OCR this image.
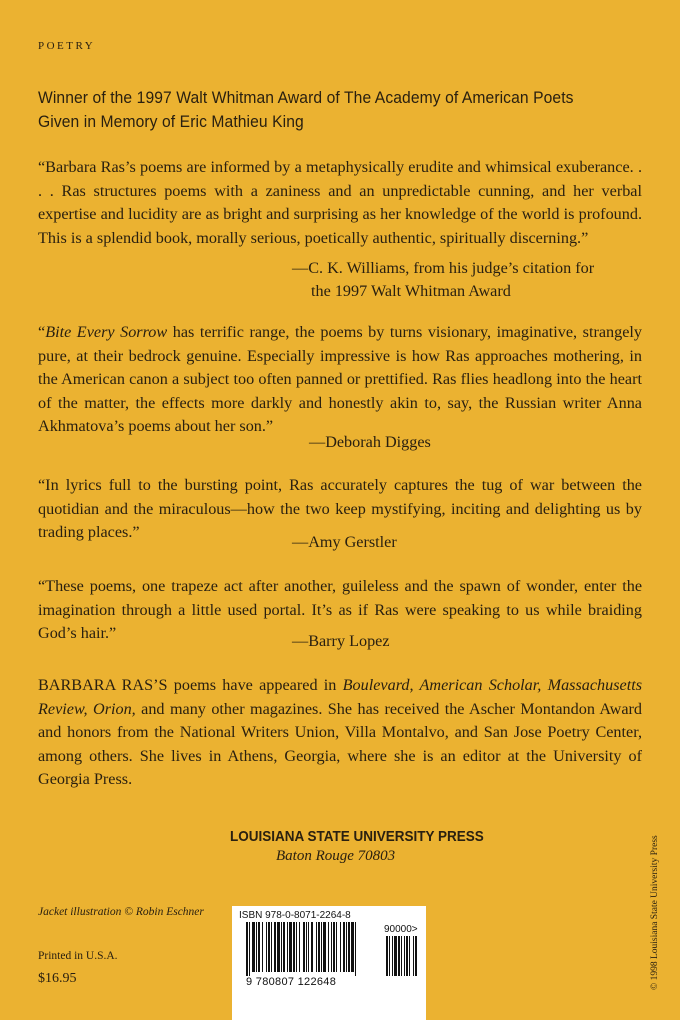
POETRY
Winner of the 1997 Walt Whitman Award of The Academy of American Poets
Given in Memory of Eric Mathieu King

“Barbara Ras’s poems are informed by a metaphysically erudite and whimsical exuberance. . . . Ras structures poems with a zaniness and an unpredictable cunning, and her verbal expertise and lucidity are as bright and surprising as her knowledge of the world is profound. This is a splendid book, morally serious, poetically authentic, spiritually discerning.”

—C. K. Williams, from his judge’s citation for
the 1997 Walt Whitman Award

“Bite Every Sorrow has terrific range, the poems by turns visionary, imaginative, strangely pure, at their bedrock genuine. Especially impressive is how Ras approaches mothering, in the American canon a subject too often panned or prettified. Ras flies headlong into the heart of the matter, the effects more darkly and honestly akin to, say, the Russian writer Anna Akhmatova’s poems about her son.”

—Deborah Digges

“In lyrics full to the bursting point, Ras accurately captures the tug of war between the quotidian and the miraculous—how the two keep mystifying, inciting and delighting us by trading places.”

—Amy Gerstler

“These poems, one trapeze act after another, guileless and the spawn of wonder, enter the imagination through a little used portal. It’s as if Ras were speaking to us while braiding God’s hair.”	—Barry Lopez
BARBARA RAS’S poems have appeared in Boulevard, American Scholar, Massachusetts Review, Orion, and many other magazines. She has received the Ascher Montandon Award and honors from the National Writers Union, Villa Montalvo, and San Jose Poetry Center, among others. She lives in Athens, Georgia, where she is an editor at the University of Georgia Press.
LOUISIANA STATE UNIVERSITY PRESS
Baton Rouge 70803
Jacket illustration © Robin Eschner
Printed in U.S.A.
$16.95
ISBN 978-0-8071-2264-8
90000>
9 780807 122648	© 1998 Louisiana State University Press
